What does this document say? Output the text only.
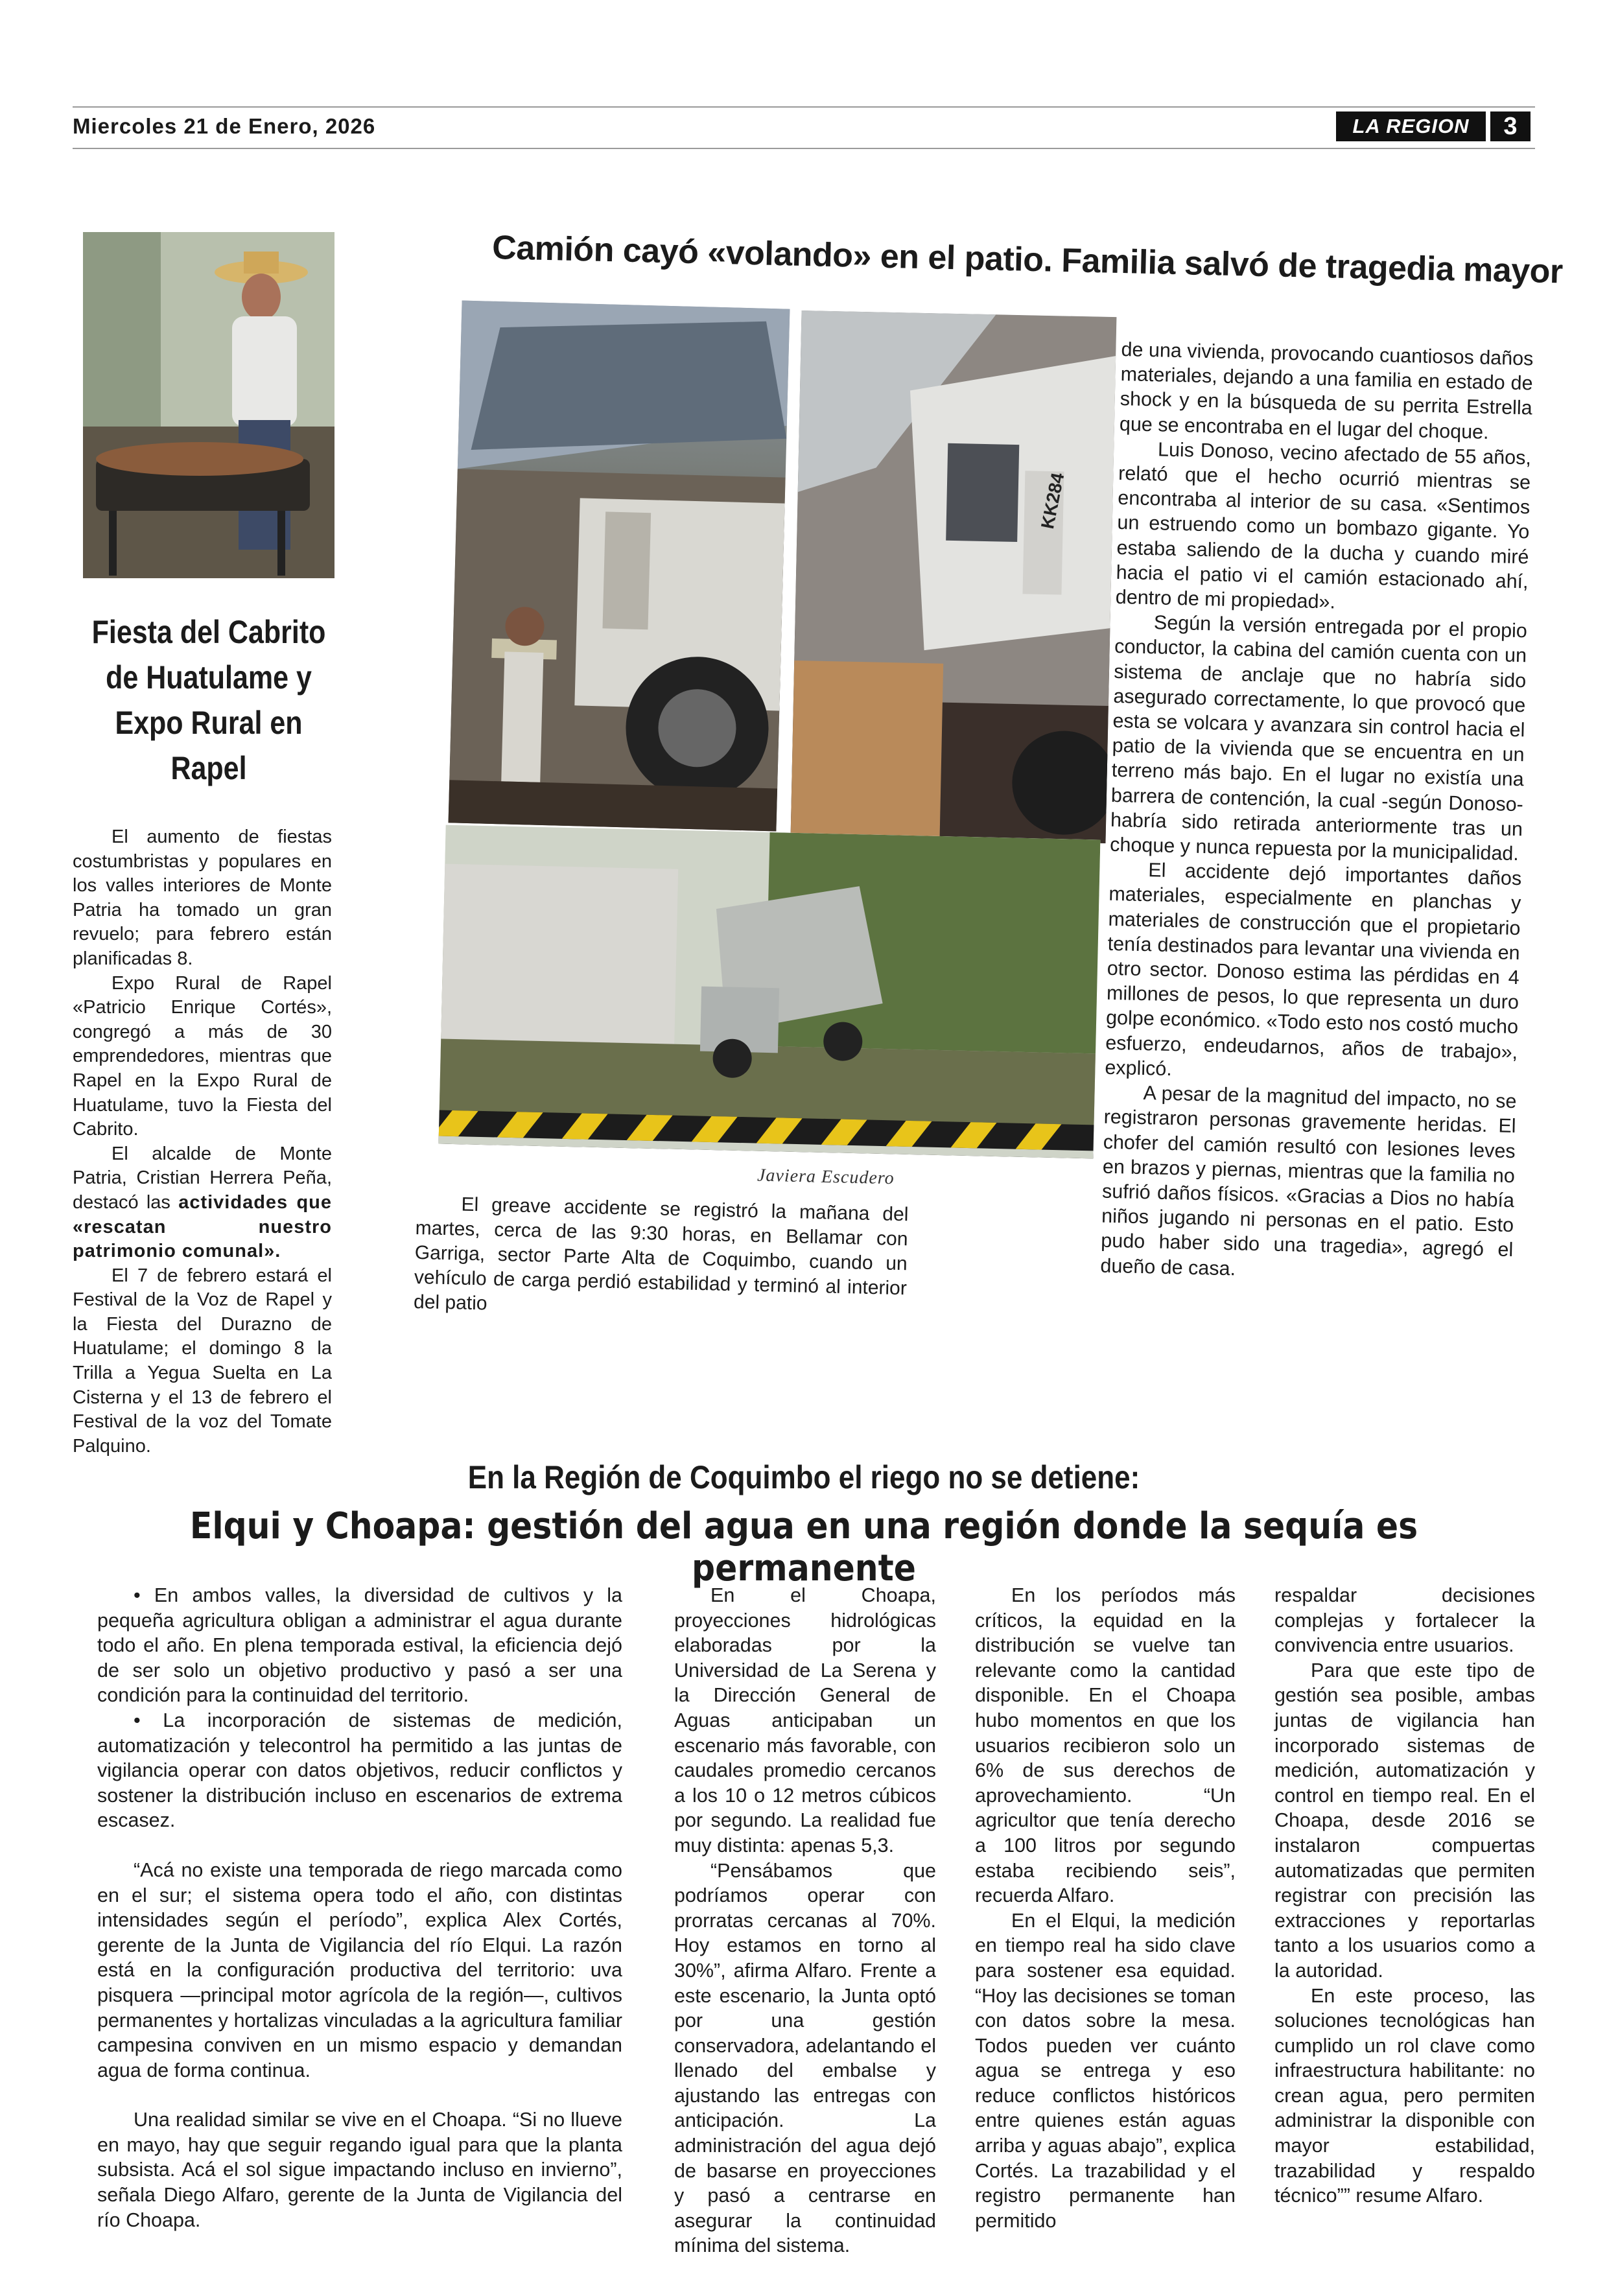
Miercoles 21 de Enero, 2026	LA REGION	3
Fiesta del Cabrito de Huatulame y Expo Rural en Rapel

El aumento de fiestas costumbristas y populares en los valles interiores de Monte Patria ha tomado un gran revuelo; para febrero están planificadas 8.

Expo Rural de Rapel «Patricio Enrique Cortés», congregó a más de 30 emprendedores, mientras que Rapel en la Expo Rural de Huatulame, tuvo la Fiesta del Cabrito.

El alcalde de Monte Patria, Cristian Herrera Peña, destacó las actividades que «rescatan nuestro patrimonio comunal».

El 7 de febrero estará el Festival de la Voz de Rapel y la Fiesta del Durazno de Huatulame; el domingo 8 la Trilla a Yegua Suelta en La Cisterna y el 13 de febrero el Festival de la voz del Tomate Palquino.

Camión cayó «volando» en el patio. Familia salvó de tragedia mayor
KK284
Javiera Escudero

El greave accidente se registró la mañana del martes, cerca de las 9:30 horas, en Bellamar con Garriga, sector Parte Alta de Coquimbo, cuando un vehículo de carga perdió estabilidad y terminó al interior del patio

de una vivienda, provocando cuantiosos daños materiales, dejando a una familia en estado de shock y en la búsqueda de su perrita Estrella que se encontraba en el lugar del choque.

Luis Donoso, vecino afectado de 55 años, relató que el hecho ocurrió mientras se encontraba al interior de su casa. «Sentimos un estruendo como un bombazo gigante. Yo estaba saliendo de la ducha y cuando miré hacia el patio vi el camión estacionado ahí, dentro de mi propiedad».

Según la versión entregada por el propio conductor, la cabina del camión cuenta con un sistema de anclaje que no habría sido asegurado correctamente, lo que provocó que esta se volcara y avanzara sin control hacia el patio de la vivienda que se encuentra en un terreno más bajo. En el lugar no existía una barrera de contención, la cual -según Donoso- habría sido retirada anteriormente tras un choque y nunca repuesta por la municipalidad.

El accidente dejó importantes daños materiales, especialmente en planchas y materiales de construcción que el propietario tenía destinados para levantar una vivienda en otro sector. Donoso estima las pérdidas en 4 millones de pesos, lo que representa un duro golpe económico. «Todo esto nos costó mucho esfuerzo, endeudarnos, años de trabajo», explicó.

A pesar de la magnitud del impacto, no se registraron personas gravemente heridas. El chofer del camión resultó con lesiones leves en brazos y piernas, mientras que la familia no sufrió daños físicos. «Gracias a Dios no había niños jugando ni personas en el patio. Esto pudo haber sido una tragedia», agregó el dueño de casa.

En la Región de Coquimbo el riego no se detiene:
Elqui y Choapa: gestión del agua en una región donde la sequía es permanente

• En ambos valles, la diversidad de cultivos y la pequeña agricultura obligan a administrar el agua durante todo el año. En plena temporada estival, la eficiencia dejó de ser solo un objetivo productivo y pasó a ser una condición para la continuidad del territorio.

• La incorporación de sistemas de medición, automatización y telecontrol ha permitido a las juntas de vigilancia operar con datos objetivos, reducir conflictos y sostener la distribución incluso en escenarios de extrema escasez.

“Acá no existe una temporada de riego marcada como en el sur; el sistema opera todo el año, con distintas intensidades según el período”, explica Alex Cortés, gerente de la Junta de Vigilancia del río Elqui. La razón está en la configuración productiva del territorio: uva pisquera —principal motor agrícola de la región—, cultivos permanentes y hortalizas vinculadas a la agricultura familiar campesina conviven en un mismo espacio y demandan agua de forma continua.

Una realidad similar se vive en el Choapa. “Si no llueve en mayo, hay que seguir regando igual para que la planta subsista. Acá el sol sigue impactando incluso en invierno”, señala Diego Alfaro, gerente de la Junta de Vigilancia del río Choapa.

En el Choapa, proyecciones hidrológicas elaboradas por la Universidad de La Serena y la Dirección General de Aguas anticipaban un escenario más favorable, con caudales promedio cercanos a los 10 o 12 metros cúbicos por segundo. La realidad fue muy distinta: apenas 5,3.

“Pensábamos que podríamos operar con prorratas cercanas al 70%. Hoy estamos en torno al 30%”, afirma Alfaro. Frente a este escenario, la Junta optó por una gestión conservadora, adelantando el llenado del embalse y ajustando las entregas con anticipación. La administración del agua dejó de basarse en proyecciones y pasó a centrarse en asegurar la continuidad mínima del sistema.

En los períodos más críticos, la equidad en la distribución se vuelve tan relevante como la cantidad disponible. En el Choapa hubo momentos en que los usuarios recibieron solo un 6% de sus derechos de aprovechamiento. “Un agricultor que tenía derecho a 100 litros por segundo estaba recibiendo seis”, recuerda Alfaro.

En el Elqui, la medición en tiempo real ha sido clave para sostener esa equidad. “Hoy las decisiones se toman con datos sobre la mesa. Todos pueden ver cuánto agua se entrega y eso reduce conflictos históricos entre quienes están aguas arriba y aguas abajo”, explica Cortés. La trazabilidad y el registro permanente han permitido

respaldar decisiones complejas y fortalecer la convivencia entre usuarios.

Para que este tipo de gestión sea posible, ambas juntas de vigilancia han incorporado sistemas de medición, automatización y control en tiempo real. En el Choapa, desde 2016 se instalaron compuertas automatizadas que permiten registrar con precisión las extracciones y reportarlas tanto a los usuarios como a la autoridad.

En este proceso, las soluciones tecnológicas han cumplido un rol clave como infraestructura habilitante: no crean agua, pero permiten administrar la disponible con mayor estabilidad, trazabilidad y respaldo técnico”” resume Alfaro.
